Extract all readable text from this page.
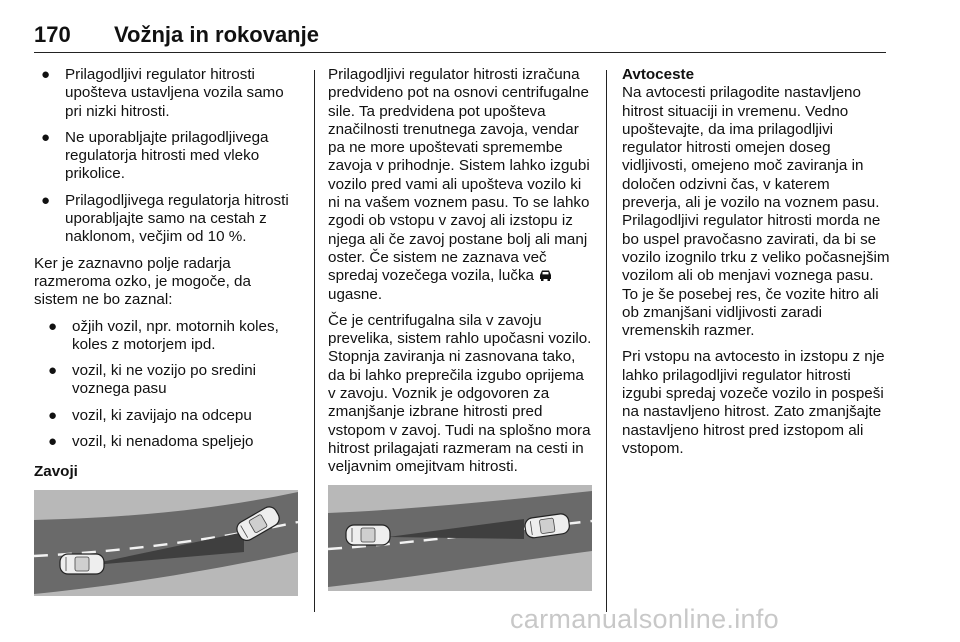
170 Vožnja in rokovanje
● Prilagodljivi regulator hitrosti upošteva ustavljena vozila samo pri nizki hitrosti.
● Ne uporabljajte prilagodljivega regulatorja hitrosti med vleko prikolice.
● Prilagodljivega regulatorja hitrosti uporabljajte samo na cestah z naklonom, večjim od 10 %.

Ker je zaznavno polje radarja razmeroma ozko, je mogoče, da sistem ne bo zaznal:

● ožjih vozil, npr. motornih koles, koles z motorjem ipd.
● vozil, ki ne vozijo po sredini voznega pasu
● vozil, ki zavijajo na odcepu
● vozil, ki nenadoma speljejo
Zavoji

Prilagodljivi regulator hitrosti izračuna predvideno pot na osnovi centrifugalne sile. Ta predvidena pot upošteva značilnosti trenutnega zavoja, vendar pa ne more upoštevati spremembe zavoja v prihodnje. Sistem lahko izgubi vozilo pred vami ali upošteva vozilo ki ni na vašem voznem pasu. To se lahko zgodi ob vstopu v zavoj ali izstopu iz njega ali če zavoj postane bolj ali manj oster. Če sistem ne zaznava več spredaj vozečega vozila, lučka  ugasne.

Če je centrifugalna sila v zavoju prevelika, sistem rahlo upočasni vozilo. Stopnja zaviranja ni zasnovana tako, da bi lahko preprečila izgubo oprijema v zavoju. Voznik je odgovoren za zmanjšanje izbrane hitrosti pred vstopom v zavoj. Tudi na splošno mora hitrost prilagajati razmeram na cesti in veljavnim omejitvam hitrosti.

Avtoceste

Na avtocesti prilagodite nastavljeno hitrost situaciji in vremenu. Vedno upoštevajte, da ima prilagodljivi regulator hitrosti omejen doseg vidljivosti, omejeno moč zaviranja in določen odzivni čas, v katerem preverja, ali je vozilo na voznem pasu. Prilagodljivi regulator hitrosti morda ne bo uspel pravočasno zavirati, da bi se vozilo izognilo trku z veliko počasnejšim vozilom ali ob menjavi voznega pasu. To je še posebej res, če vozite hitro ali ob zmanjšani vidljivosti zaradi vremenskih razmer.

Pri vstopu na avtocesto in izstopu z nje lahko prilagodljivi regulator hitrosti izgubi spredaj vozeče vozilo in pospeši na nastavljeno hitrost. Zato zmanjšajte nastavljeno hitrost pred izstopom ali vstopom.

carmanualsonline.info
